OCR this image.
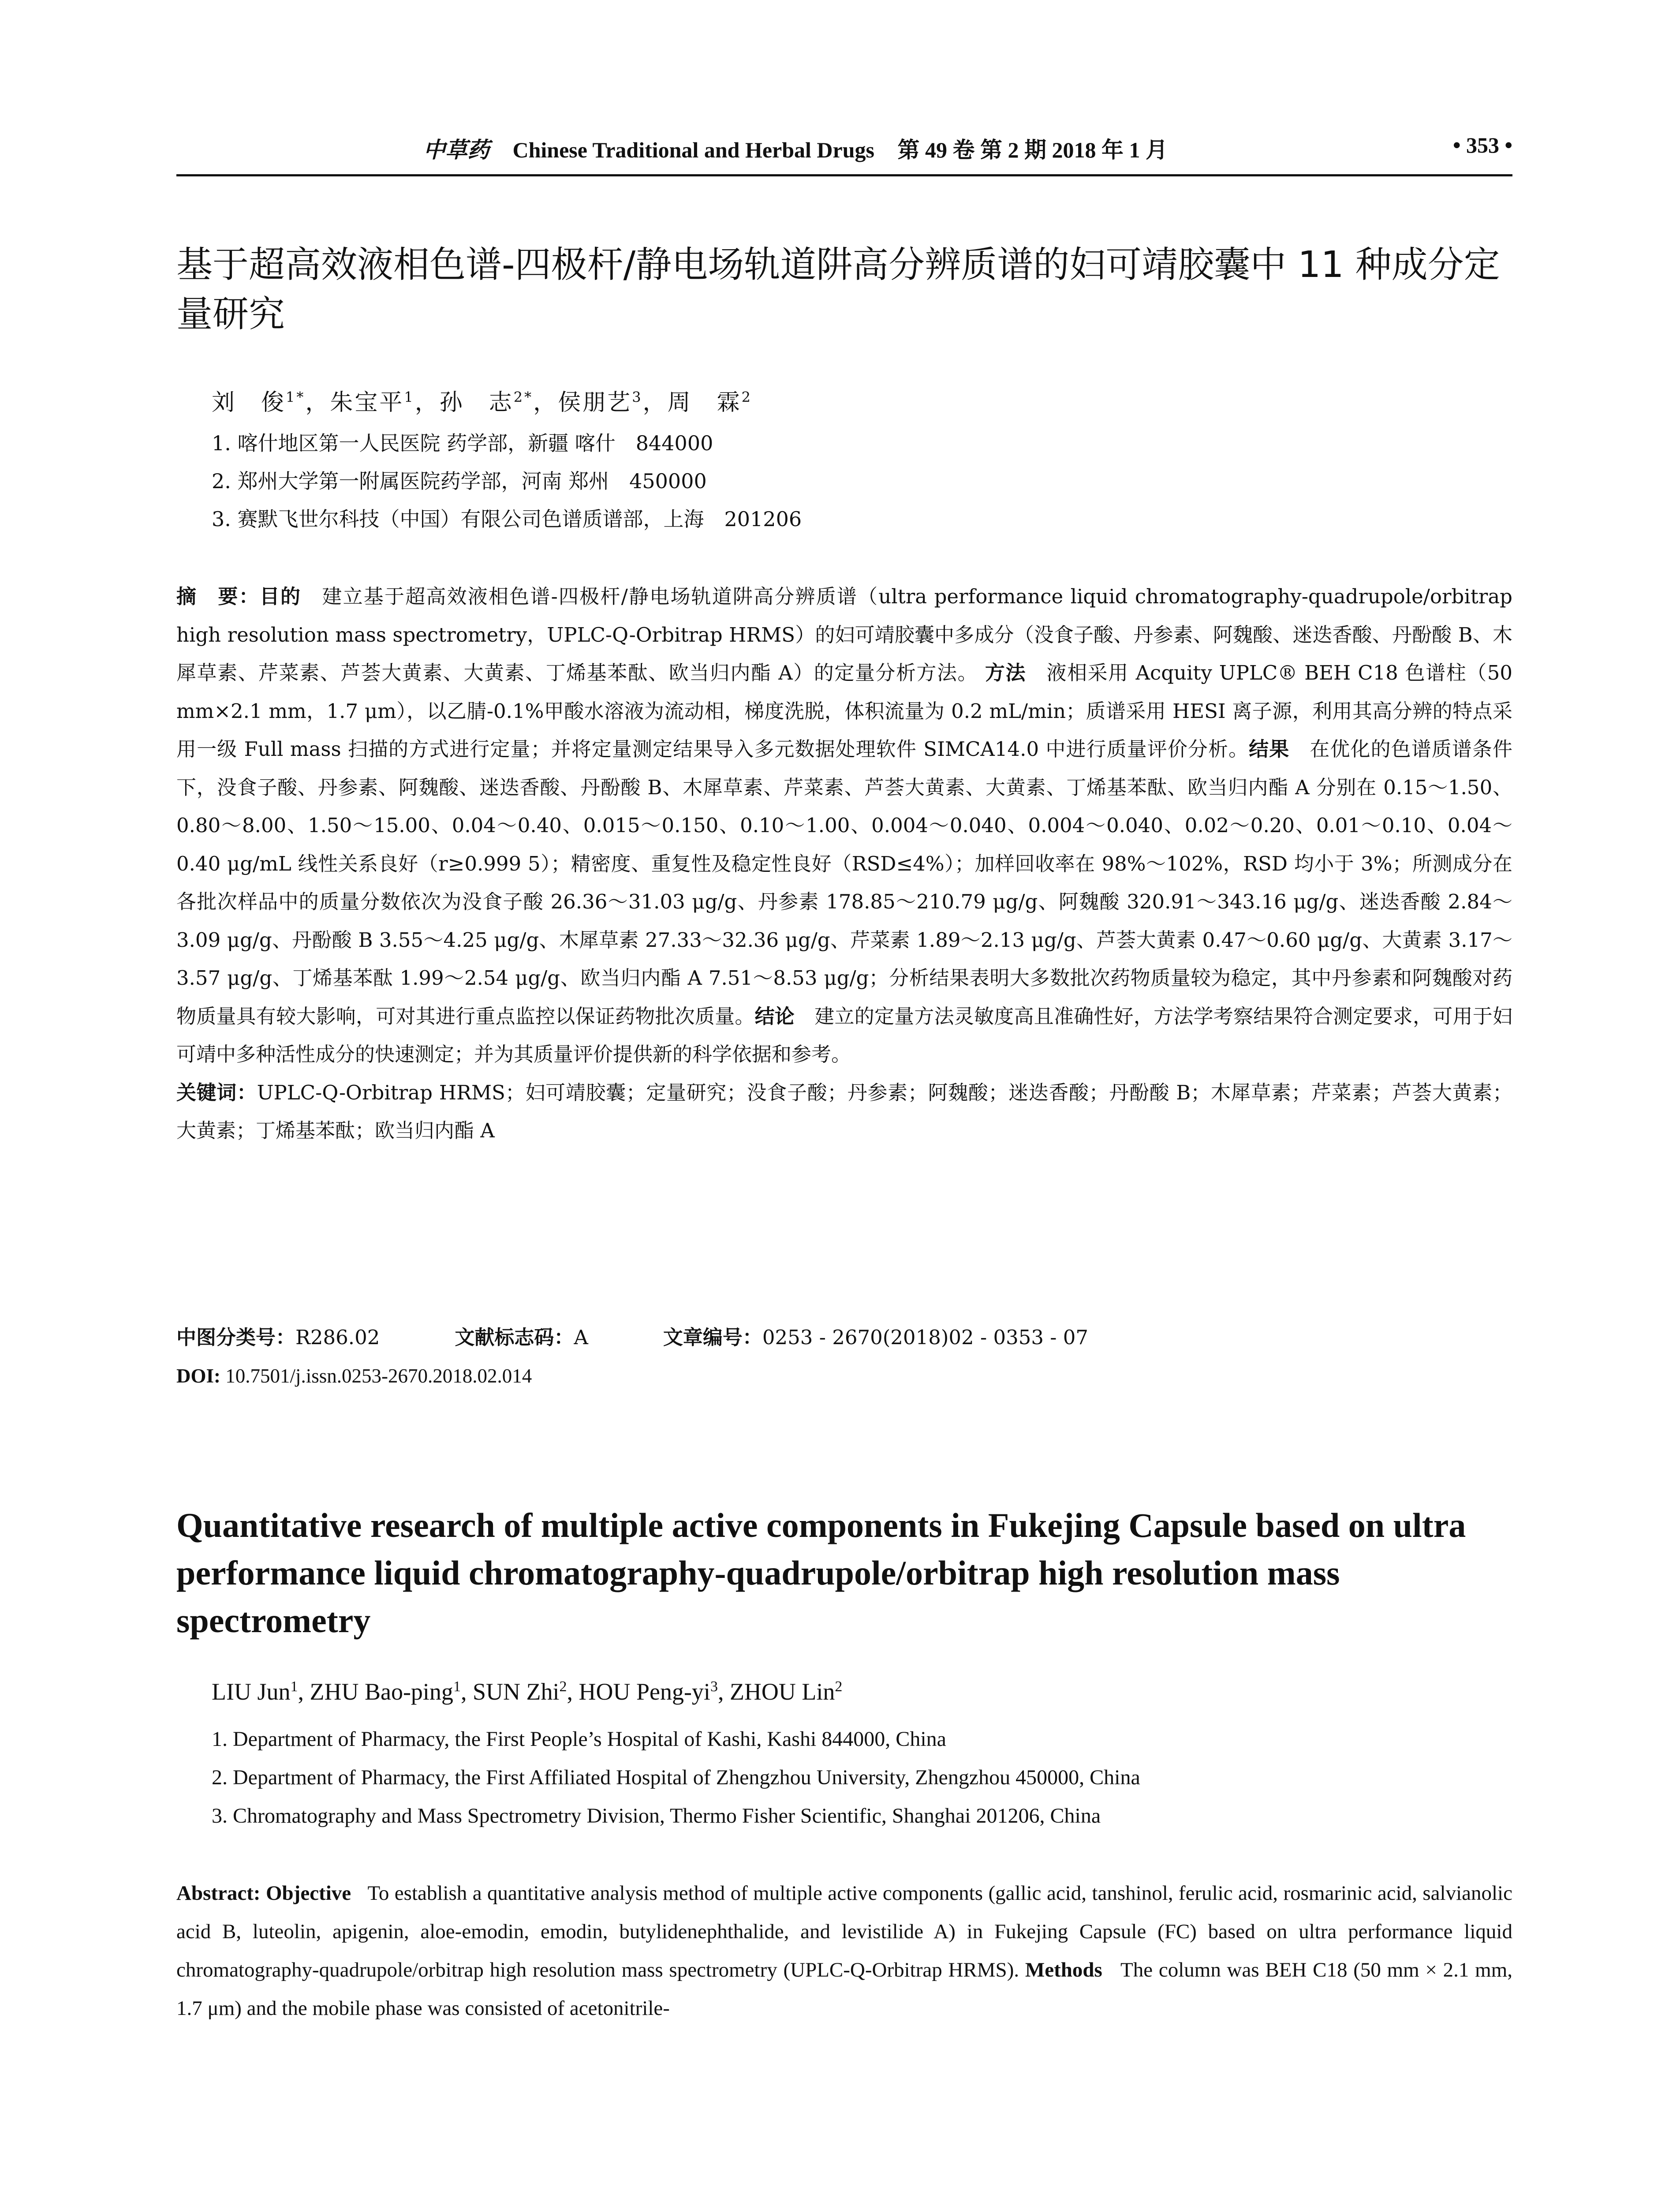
中草药 Chinese Traditional and Herbal Drugs 第 49 卷 第 2 期 2018 年 1 月	• 353 •
基于超高效液相色谱-四极杆/静电场轨道阱高分辨质谱的妇可靖胶囊中 11 种成分定量研究
刘　俊$^{1*}$，朱宝平$^1$，孙　志$^{2*}$，侯朋艺$^3$，周　霖$^2$
1. 喀什地区第一人民医院 药学部，新疆 喀什　844000
2. 郑州大学第一附属医院药学部，河南 郑州　450000
3. 赛默飞世尔科技（中国）有限公司色谱质谱部，上海　201206

摘　要：目的　 建立基于超高效液相色谱-四极杆/静电场轨道阱高分辨质谱（ultra performance liquid chromatography-quadrupole/orbitrap high resolution mass spectrometry，UPLC-Q-Orbitrap HRMS）的妇可靖胶囊中多成分（没食子酸、丹参素、阿魏酸、迷迭香酸、丹酚酸 B、木犀草素、芹菜素、芦荟大黄素、大黄素、丁烯基苯酞、欧当归内酯 A）的定量分析方法。 方法　 液相采用 Acquity UPLC® BEH C18 色谱柱（50 mm×2.1 mm，1.7 μm），以乙腈-0.1%甲酸水溶液为流动相，梯度洗脱，体积流量为 0.2 mL/min；质谱采用 HESI 离子源，利用其高分辨的特点采用一级 Full mass 扫描的方式进行定量；并将定量测定结果导入多元数据处理软件 SIMCA14.0 中进行质量评价分析。结果　 在优化的色谱质谱条件下，没食子酸、丹参素、阿魏酸、迷迭香酸、丹酚酸 B、木犀草素、芹菜素、芦荟大黄素、大黄素、丁烯基苯酞、欧当归内酯 A 分别在 0.15～1.50、0.80～8.00、1.50～15.00、0.04～0.40、0.015～0.150、0.10～1.00、0.004～0.040、0.004～0.040、0.02～0.20、0.01～0.10、0.04～0.40 μg/mL 线性关系良好（r≥0.999 5）；精密度、重复性及稳定性良好（RSD≤4%）；加样回收率在 98%～102%，RSD 均小于 3%；所测成分在各批次样品中的质量分数依次为没食子酸 26.36～31.03 μg/g、丹参素 178.85～210.79 μg/g、阿魏酸 320.91～343.16 μg/g、迷迭香酸 2.84～3.09 μg/g、丹酚酸 B 3.55～4.25 μg/g、木犀草素 27.33～32.36 μg/g、芹菜素 1.89～2.13 μg/g、芦荟大黄素 0.47～0.60 μg/g、大黄素 3.17～3.57 μg/g、丁烯基苯酞 1.99～2.54 μg/g、欧当归内酯 A 7.51～8.53 μg/g；分析结果表明大多数批次药物质量较为稳定，其中丹参素和阿魏酸对药物质量具有较大影响，可对其进行重点监控以保证药物批次质量。结论　 建立的定量方法灵敏度高且准确性好，方法学考察结果符合测定要求，可用于妇可靖中多种活性成分的快速测定；并为其质量评价提供新的科学依据和参考。

关键词：UPLC-Q-Orbitrap HRMS；妇可靖胶囊；定量研究；没食子酸；丹参素；阿魏酸；迷迭香酸；丹酚酸 B；木犀草素；芹菜素；芦荟大黄素；大黄素；丁烯基苯酞；欧当归内酯 A

中图分类号：R286.02	文献标志码：A	文章编号：0253 - 2670(2018)02 - 0353 - 07
DOI: 10.7501/j.issn.0253-2670.2018.02.014
Quantitative research of multiple active components in Fukejing Capsule based on ultra performance liquid chromatography-quadrupole/orbitrap high resolution mass spectrometry
LIU Jun$^1$, ZHU Bao-ping$^1$, SUN Zhi$^2$, HOU Peng-$yi^3$, ZHOU Lin$^2$
1. Department of Pharmacy, the First People’s Hospital of Kashi, Kashi 844000, China
2. Department of Pharmacy, the First Affiliated Hospital of Zhengzhou University, Zhengzhou 450000, China
3. Chromatography and Mass Spectrometry Division, Thermo Fisher Scientific, Shanghai 201206, China

Abstract: Objective To establish a quantitative analysis method of multiple active components (gallic acid, tanshinol, ferulic acid, rosmarinic acid, salvianolic acid B, luteolin, apigenin, aloe-emodin, emodin, butylidenephthalide, and levistilide A) in Fukejing Capsule (FC) based on ultra performance liquid chromatography-quadrupole/orbitrap high resolution mass spectrometry (UPLC-Q-Orbitrap HRMS). Methods The column was BEH C18 (50 mm × 2.1 mm, 1.7 μm) and the mobile phase was consisted of acetonitrile-
